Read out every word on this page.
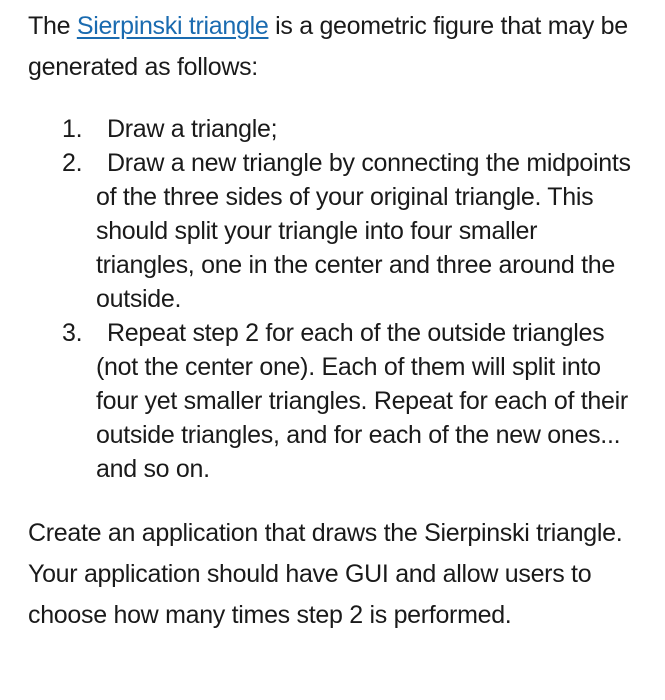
The Sierpinski triangle is a geometric figure that may be generated as follows:

1. Draw a triangle;
2. Draw a new triangle by connecting the midpoints of the three sides of your original triangle. This should split your triangle into four smaller triangles, one in the center and three around the outside.
3. Repeat step 2 for each of the outside triangles (not the center one). Each of them will split into four yet smaller triangles. Repeat for each of their outside triangles, and for each of the new ones... and so on.

Create an application that draws the Sierpinski triangle. Your application should have GUI and allow users to choose how many times step 2 is performed.
